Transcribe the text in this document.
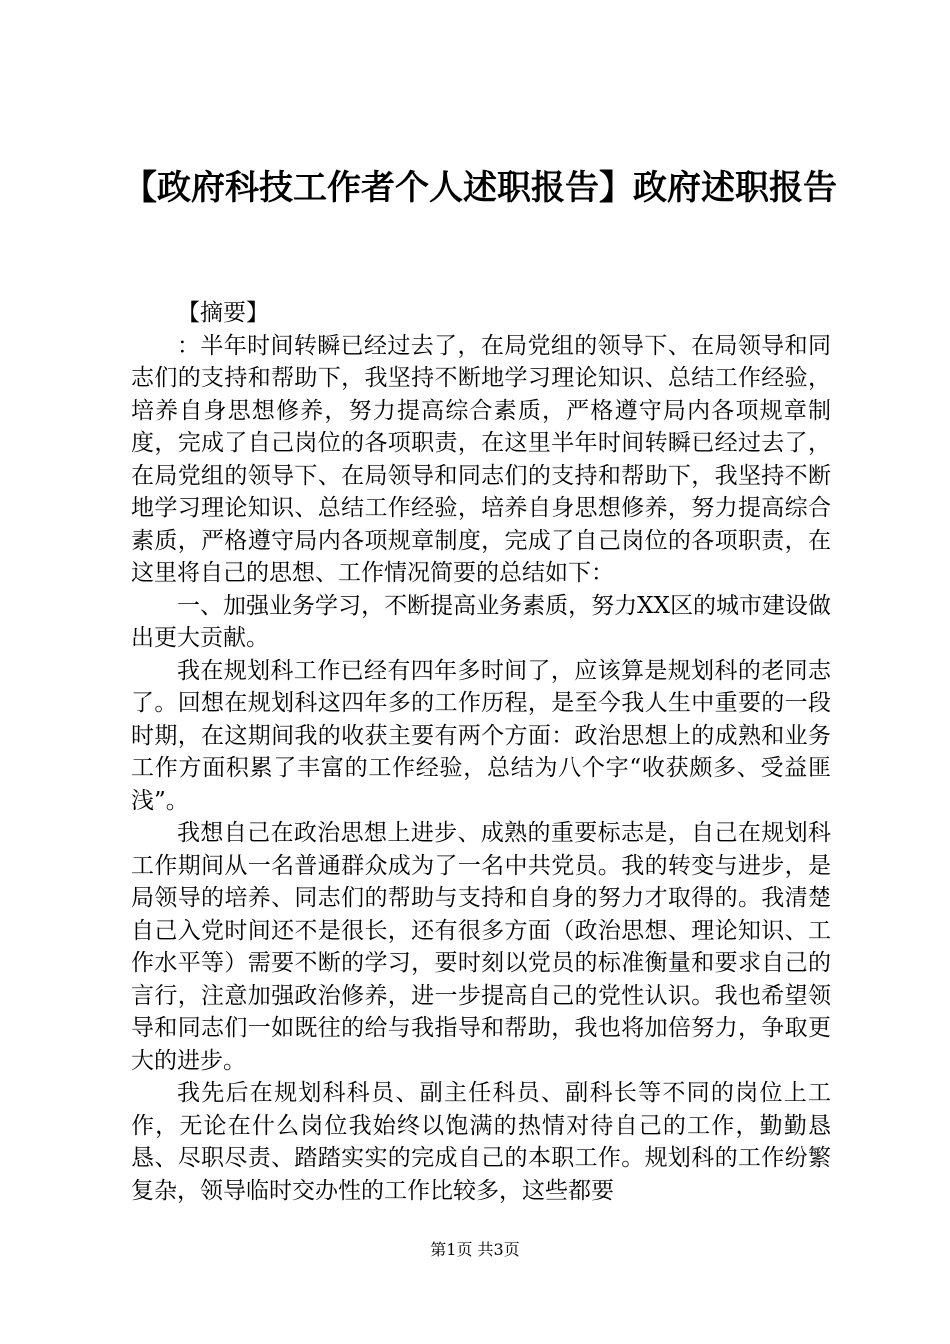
【政府科技工作者个人述职报告】政府述职报告

【摘要】

：半年时间转瞬已经过去了，在局党组的领导下、在局领导和同志们的支持和帮助下，我坚持不断地学习理论知识、总结工作经验，培养自身思想修养，努力提高综合素质，严格遵守局内各项规章制度，完成了自己岗位的各项职责，在这里半年时间转瞬已经过去了，在局党组的领导下、在局领导和同志们的支持和帮助下，我坚持不断地学习理论知识、总结工作经验，培养自身思想修养，努力提高综合素质，严格遵守局内各项规章制度，完成了自己岗位的各项职责，在这里将自己的思想、工作情况简要的总结如下：

一、加强业务学习，不断提高业务素质，努力XX区的城市建设做出更大贡献。

我在规划科工作已经有四年多时间了，应该算是规划科的老同志了。回想在规划科这四年多的工作历程，是至今我人生中重要的一段时期，在这期间我的收获主要有两个方面：政治思想上的成熟和业务工作方面积累了丰富的工作经验，总结为八个字“收获颇多、受益匪浅”。

我想自己在政治思想上进步、成熟的重要标志是，自己在规划科工作期间从一名普通群众成为了一名中共党员。我的转变与进步，是局领导的培养、同志们的帮助与支持和自身的努力才取得的。我清楚自己入党时间还不是很长，还有很多方面（政治思想、理论知识、工作水平等）需要不断的学习，要时刻以党员的标准衡量和要求自己的言行，注意加强政治修养，进一步提高自己的党性认识。我也希望领导和同志们一如既往的给与我指导和帮助，我也将加倍努力，争取更大的进步。

我先后在规划科科员、副主任科员、副科长等不同的岗位上工作，无论在什么岗位我始终以饱满的热情对待自己的工作，勤勤恳恳、尽职尽责、踏踏实实的完成自己的本职工作。规划科的工作纷繁复杂，领导临时交办性的工作比较多，这些都要

第1页 共3页
